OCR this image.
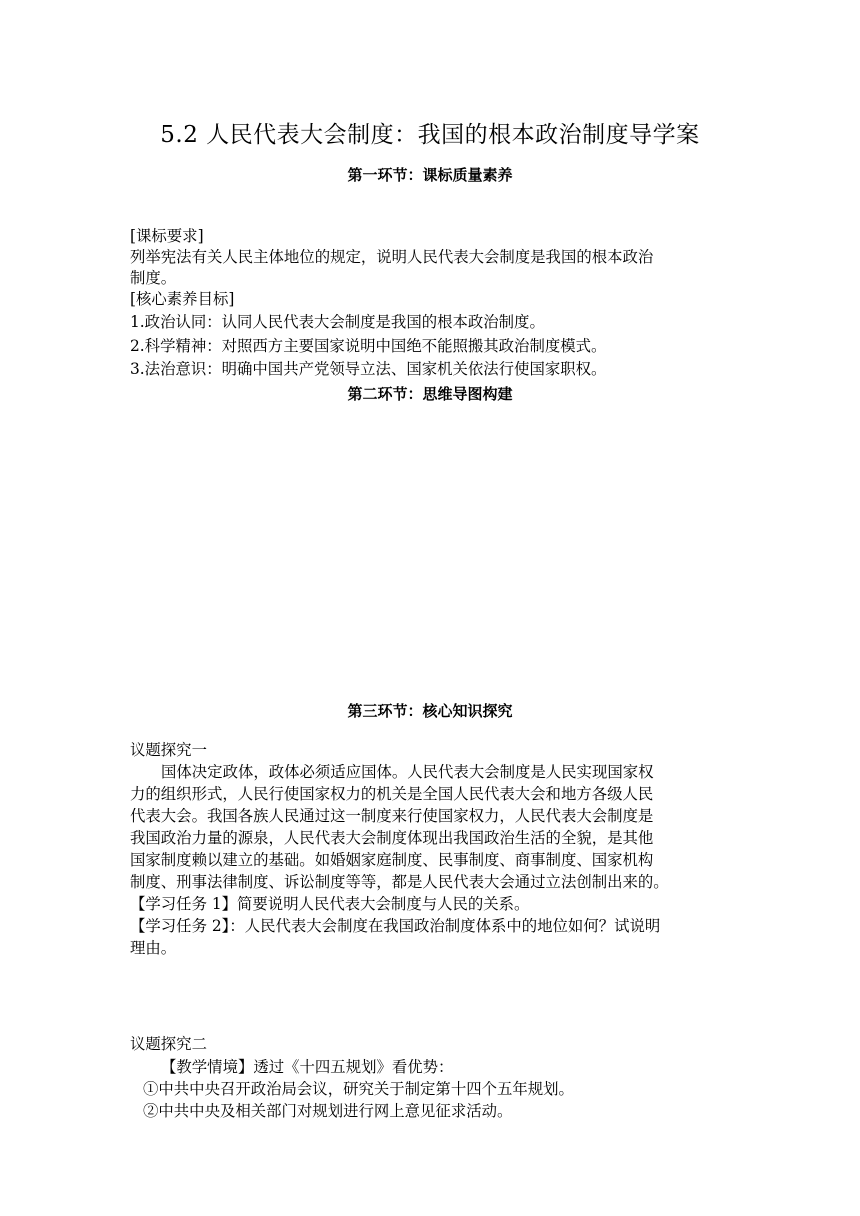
5.2 人民代表大会制度：我国的根本政治制度导学案
第一环节：课标质量素养
[课标要求]
列举宪法有关人民主体地位的规定，说明人民代表大会制度是我国的根本政治
制度。
[核心素养目标]
1.政治认同：认同人民代表大会制度是我国的根本政治制度。
2.科学精神：对照西方主要国家说明中国绝不能照搬其政治制度模式。
3.法治意识：明确中国共产党领导立法、国家机关依法行使国家职权。
第二环节：思维导图构建
第三环节：核心知识探究
议题探究一
国体决定政体，政体必须适应国体。人民代表大会制度是人民实现国家权
力的组织形式，人民行使国家权力的机关是全国人民代表大会和地方各级人民
代表大会。我国各族人民通过这一制度来行使国家权力，人民代表大会制度是
我国政治力量的源泉，人民代表大会制度体现出我国政治生活的全貌，是其他
国家制度赖以建立的基础。如婚姻家庭制度、民事制度、商事制度、国家机构
制度、刑事法律制度、诉讼制度等等，都是人民代表大会通过立法创制出来的。
【学习任务 1】简要说明人民代表大会制度与人民的关系。
【学习任务 2】：人民代表大会制度在我国政治制度体系中的地位如何？试说明
理由。
议题探究二
【教学情境】透过《十四五规划》看优势：
①中共中央召开政治局会议，研究关于制定第十四个五年规划。
②中共中央及相关部门对规划进行网上意见征求活动。
